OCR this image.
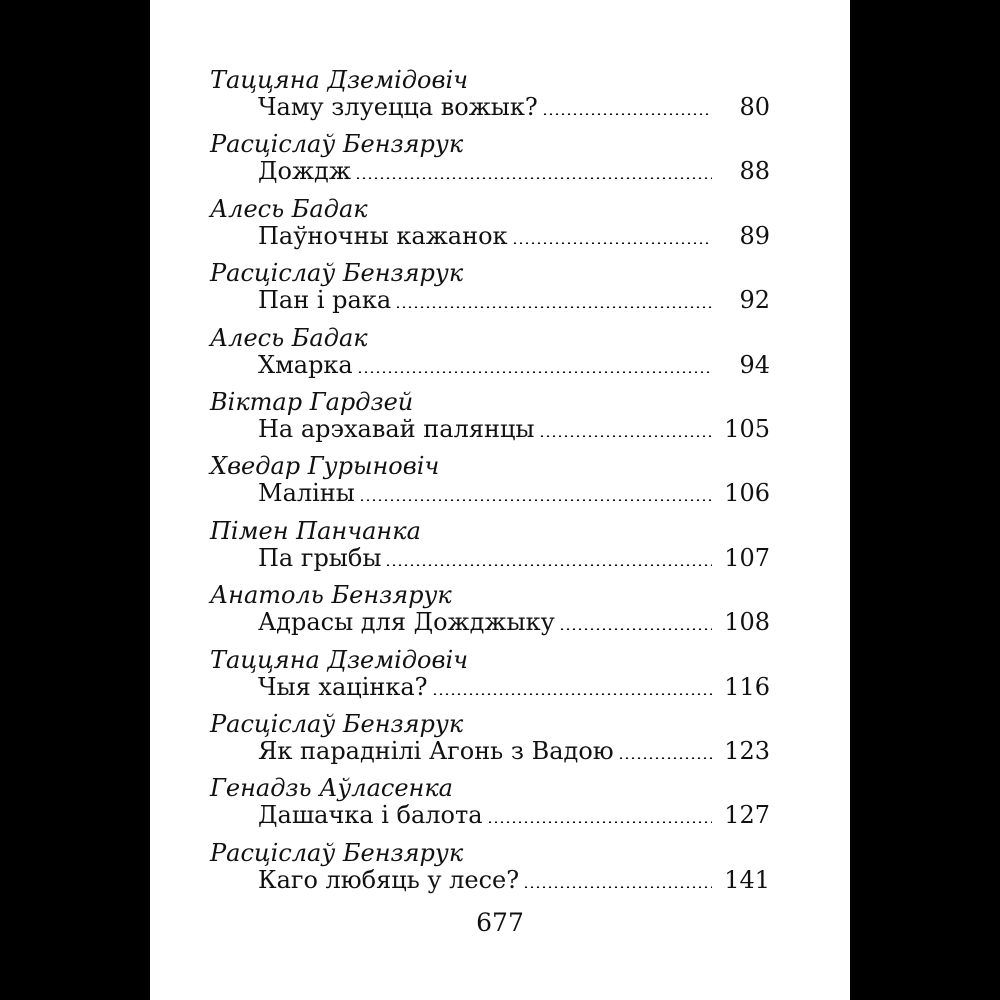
Таццяна Дземідовіч
Чаму злуецца вожык?	80
Расціслаў Бензярук
Дождж	88
Алесь Бадак
Паўночны кажанок	89
Расціслаў Бензярук
Пан і рака	92
Алесь Бадак
Хмарка	94
Віктар Гардзей
На арэхавай палянцы	105
Хведар Гурыновіч
Маліны	106
Пімен Панчанка
Па грыбы	107
Анатоль Бензярук
Адрасы для Дожджыку	108
Таццяна Дземідовіч
Чыя хацінка?	116
Расціслаў Бензярук
Як параднілі Агонь з Вадою	123
Генадзь Аўласенка
Дашачка і балота	127
Расціслаў Бензярук
Каго любяць у лесе?	141
677
